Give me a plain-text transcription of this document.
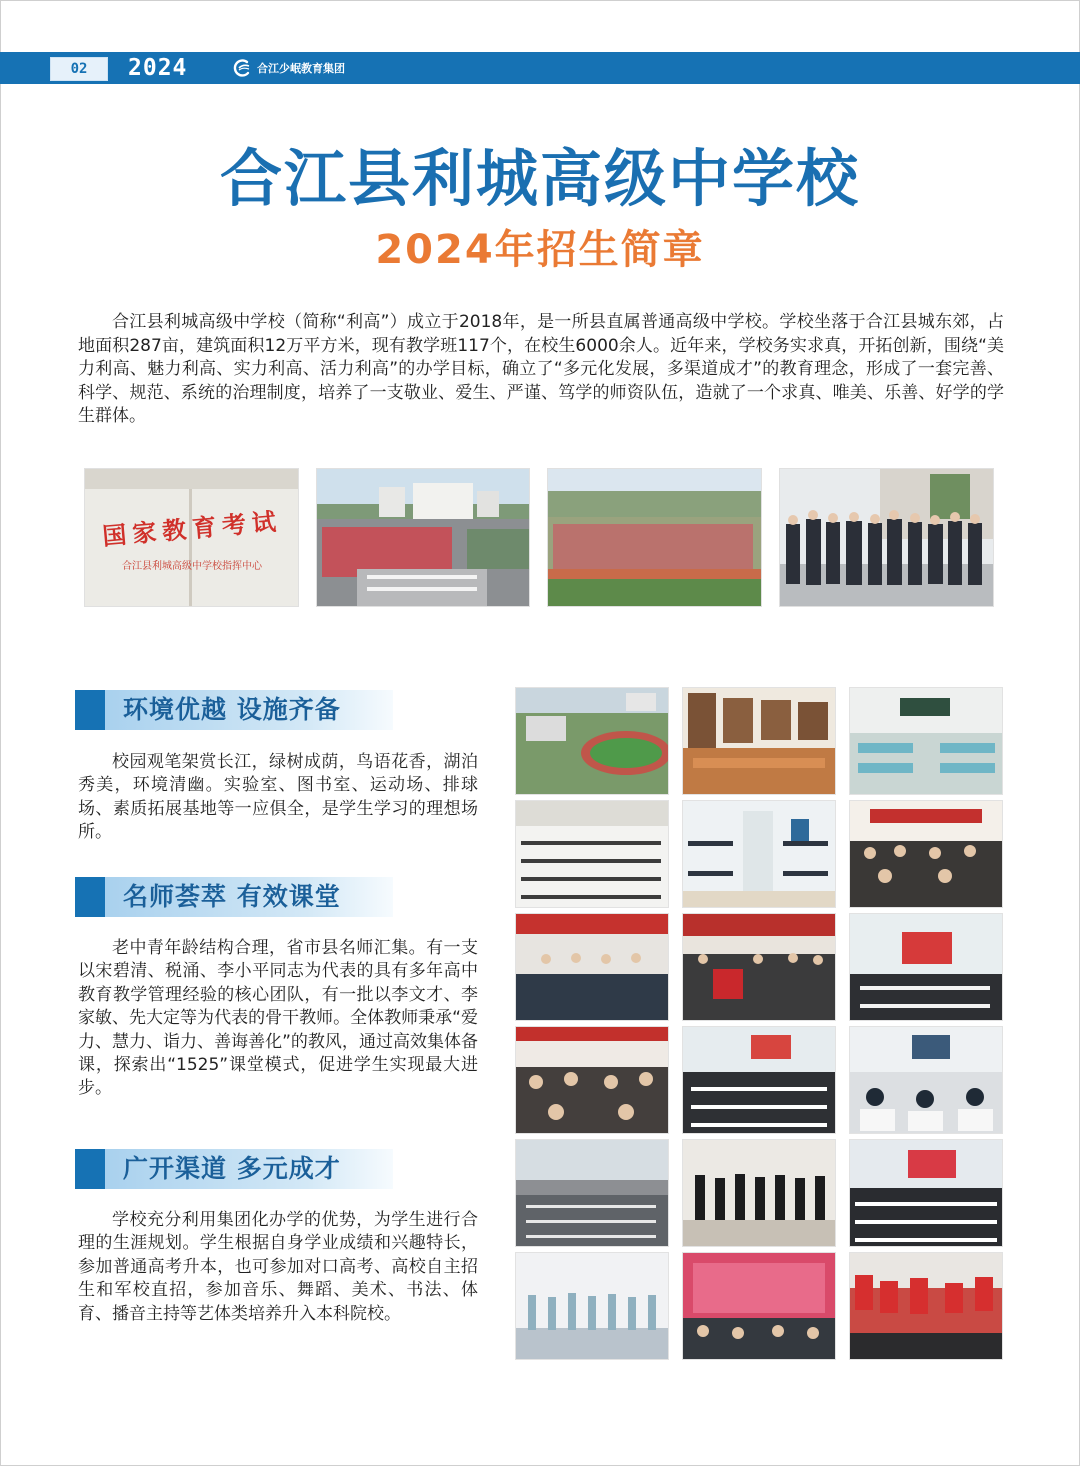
02	2024	合江少岷教育集团
合江县利城高级中学校
2024年招生简章
合江县利城高级中学校（简称“利高”）成立于2018年，是一所县直属普通高级中学校。学校坐落于合江县城东郊，占地面积287亩，建筑面积12万平方米，现有教学班117个，在校生6000余人。近年来，学校务实求真，开拓创新，围绕“美力利高、魅力利高、实力利高、活力利高”的办学目标，确立了“多元化发展，多渠道成才”的教育理念，形成了一套完善、科学、规范、系统的治理制度，培养了一支敬业、爱生、严谨、笃学的师资队伍，造就了一个求真、唯美、乐善、好学的学生群体。
国家教育考试
合江县利城高级中学校指挥中心
环境优越 设施齐备
校园观笔架赏长江，绿树成荫，鸟语花香，湖泊秀美，环境清幽。实验室、图书室、运动场、排球场、素质拓展基地等一应俱全，是学生学习的理想场所。
名师荟萃 有效课堂
老中青年龄结构合理，省市县名师汇集。有一支以宋碧清、税涌、李小平同志为代表的具有多年高中教育教学管理经验的核心团队，有一批以李文才、李家敏、先大定等为代表的骨干教师。全体教师秉承“爱力、慧力、诣力、善诲善化”的教风，通过高效集体备课，探索出“1525”课堂模式，促进学生实现最大进步。
广开渠道 多元成才
学校充分利用集团化办学的优势，为学生进行合理的生涯规划。学生根据自身学业成绩和兴趣特长，参加普通高考升本，也可参加对口高考、高校自主招生和军校直招，参加音乐、舞蹈、美术、书法、体育、播音主持等艺体类培养升入本科院校。
